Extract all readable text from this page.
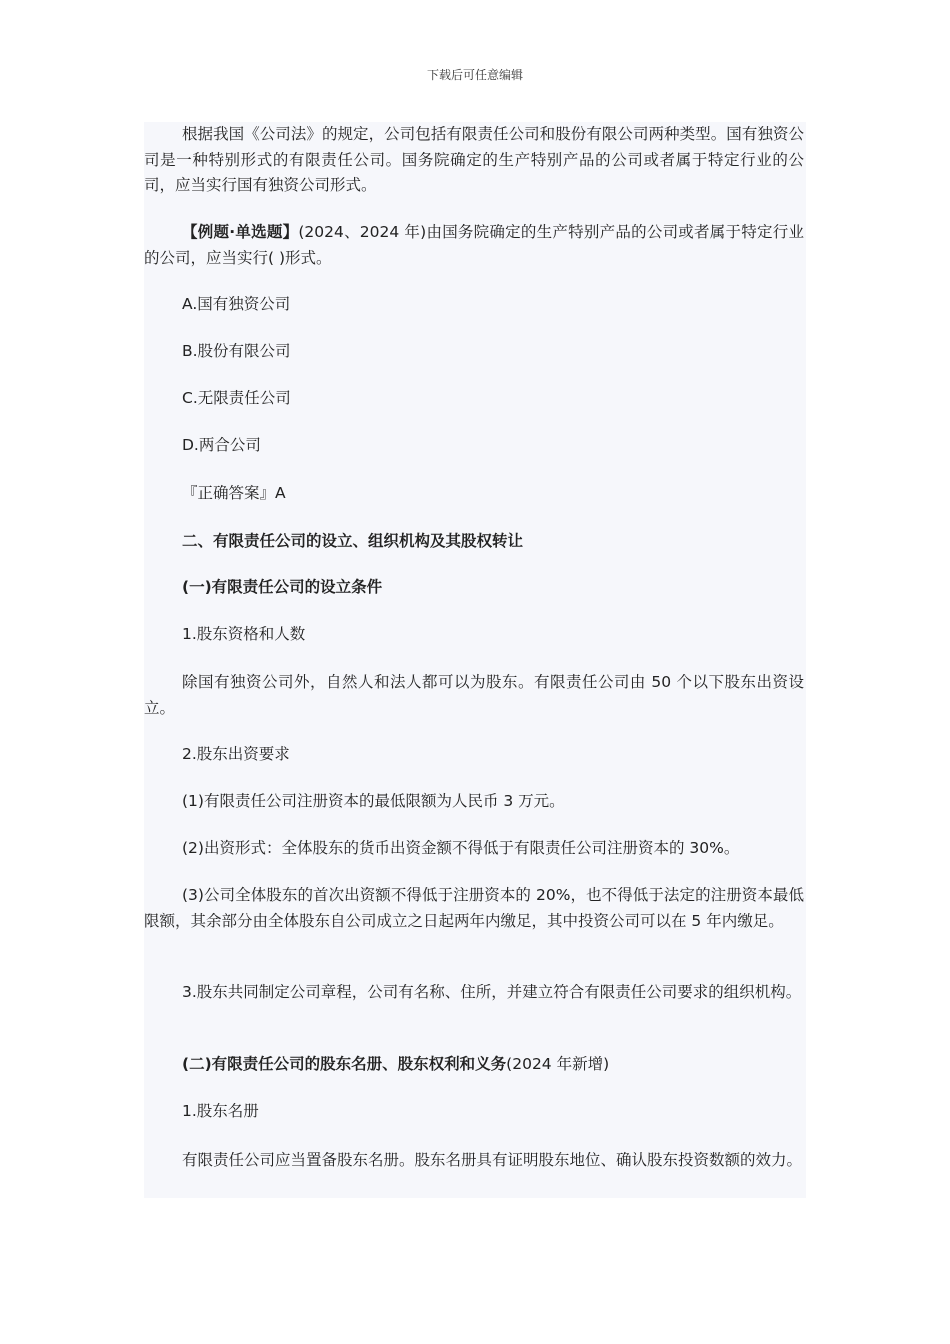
下载后可任意编辑

根据我国《公司法》的规定，公司包括有限责任公司和股份有限公司两种类型。国有独资公司是一种特别形式的有限责任公司。国务院确定的生产特别产品的公司或者属于特定行业的公司，应当实行国有独资公司形式。

【例题·单选题】(2024、2024 年)由国务院确定的生产特别产品的公司或者属于特定行业的公司，应当实行( )形式。

A.国有独资公司

B.股份有限公司

C.无限责任公司

D.两合公司

『正确答案』A

二、有限责任公司的设立、组织机构及其股权转让

(一)有限责任公司的设立条件

1.股东资格和人数

除国有独资公司外，自然人和法人都可以为股东。有限责任公司由 50 个以下股东出资设立。

2.股东出资要求

(1)有限责任公司注册资本的最低限额为人民币 3 万元。

(2)出资形式：全体股东的货币出资金额不得低于有限责任公司注册资本的 30%。

(3)公司全体股东的首次出资额不得低于注册资本的 20%，也不得低于法定的注册资本最低限额，其余部分由全体股东自公司成立之日起两年内缴足，其中投资公司可以在 5 年内缴足。

3.股东共同制定公司章程，公司有名称、住所，并建立符合有限责任公司要求的组织机构。

(二)有限责任公司的股东名册、股东权利和义务(2024 年新增)

1.股东名册

有限责任公司应当置备股东名册。股东名册具有证明股东地位、确认股东投资数额的效力。
